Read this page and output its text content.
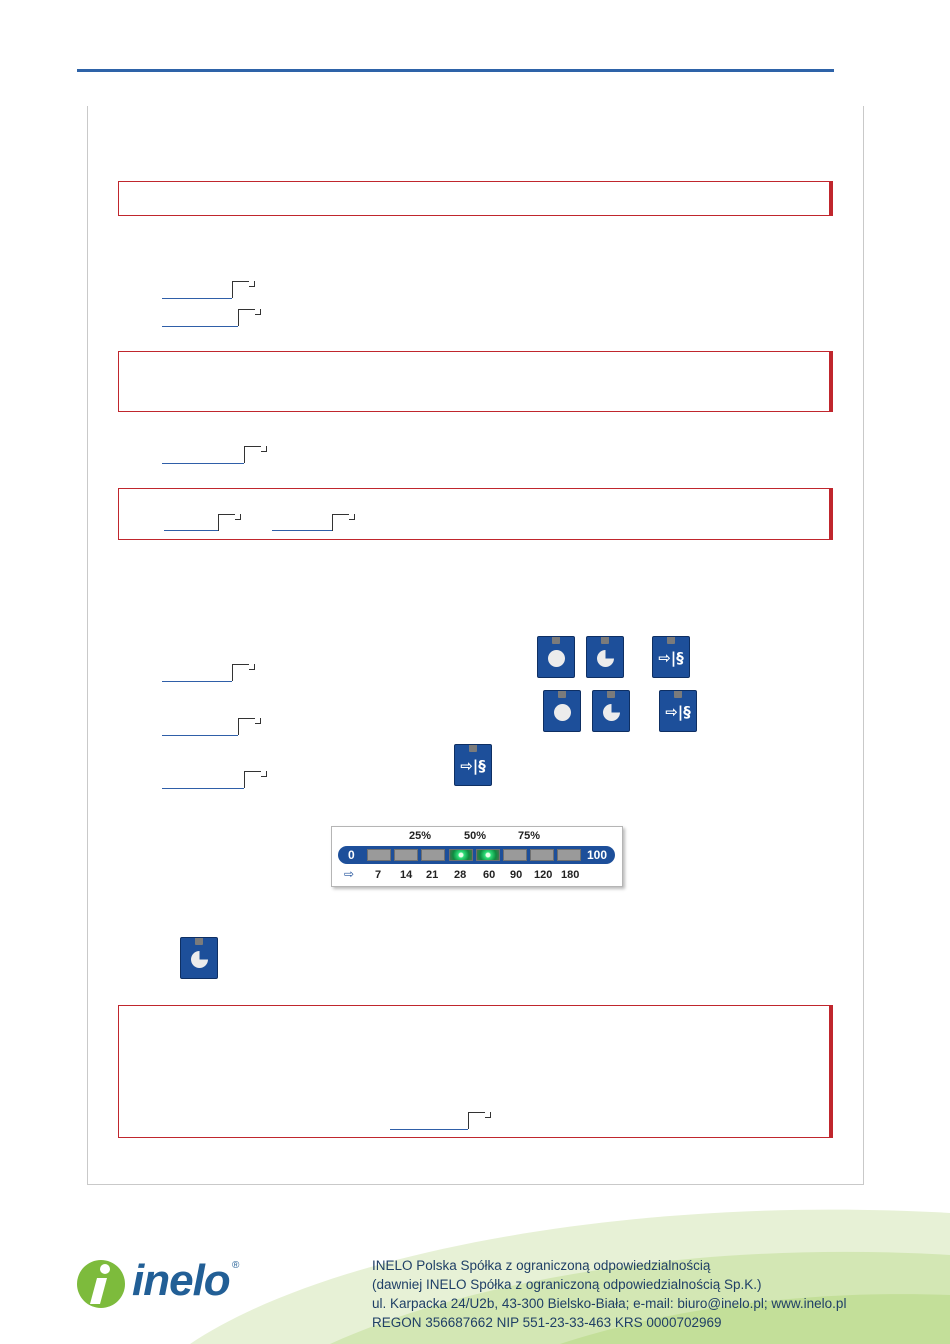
⇨|§
⇨|§
⇨|§
25%	50%	75%
0	100
⇨ 7 14 21 28 60 90 120 180
inelo ®	INELO Polska Spółka z ograniczoną odpowiedzialnością
(dawniej INELO Spółka z ograniczoną odpowiedzialnością Sp.K.)
ul. Karpacka 24/U2b, 43-300 Bielsko-Biała; e-mail: biuro@inelo.pl; www.inelo.pl
REGON 356687662 NIP 551-23-33-463 KRS 0000702969
